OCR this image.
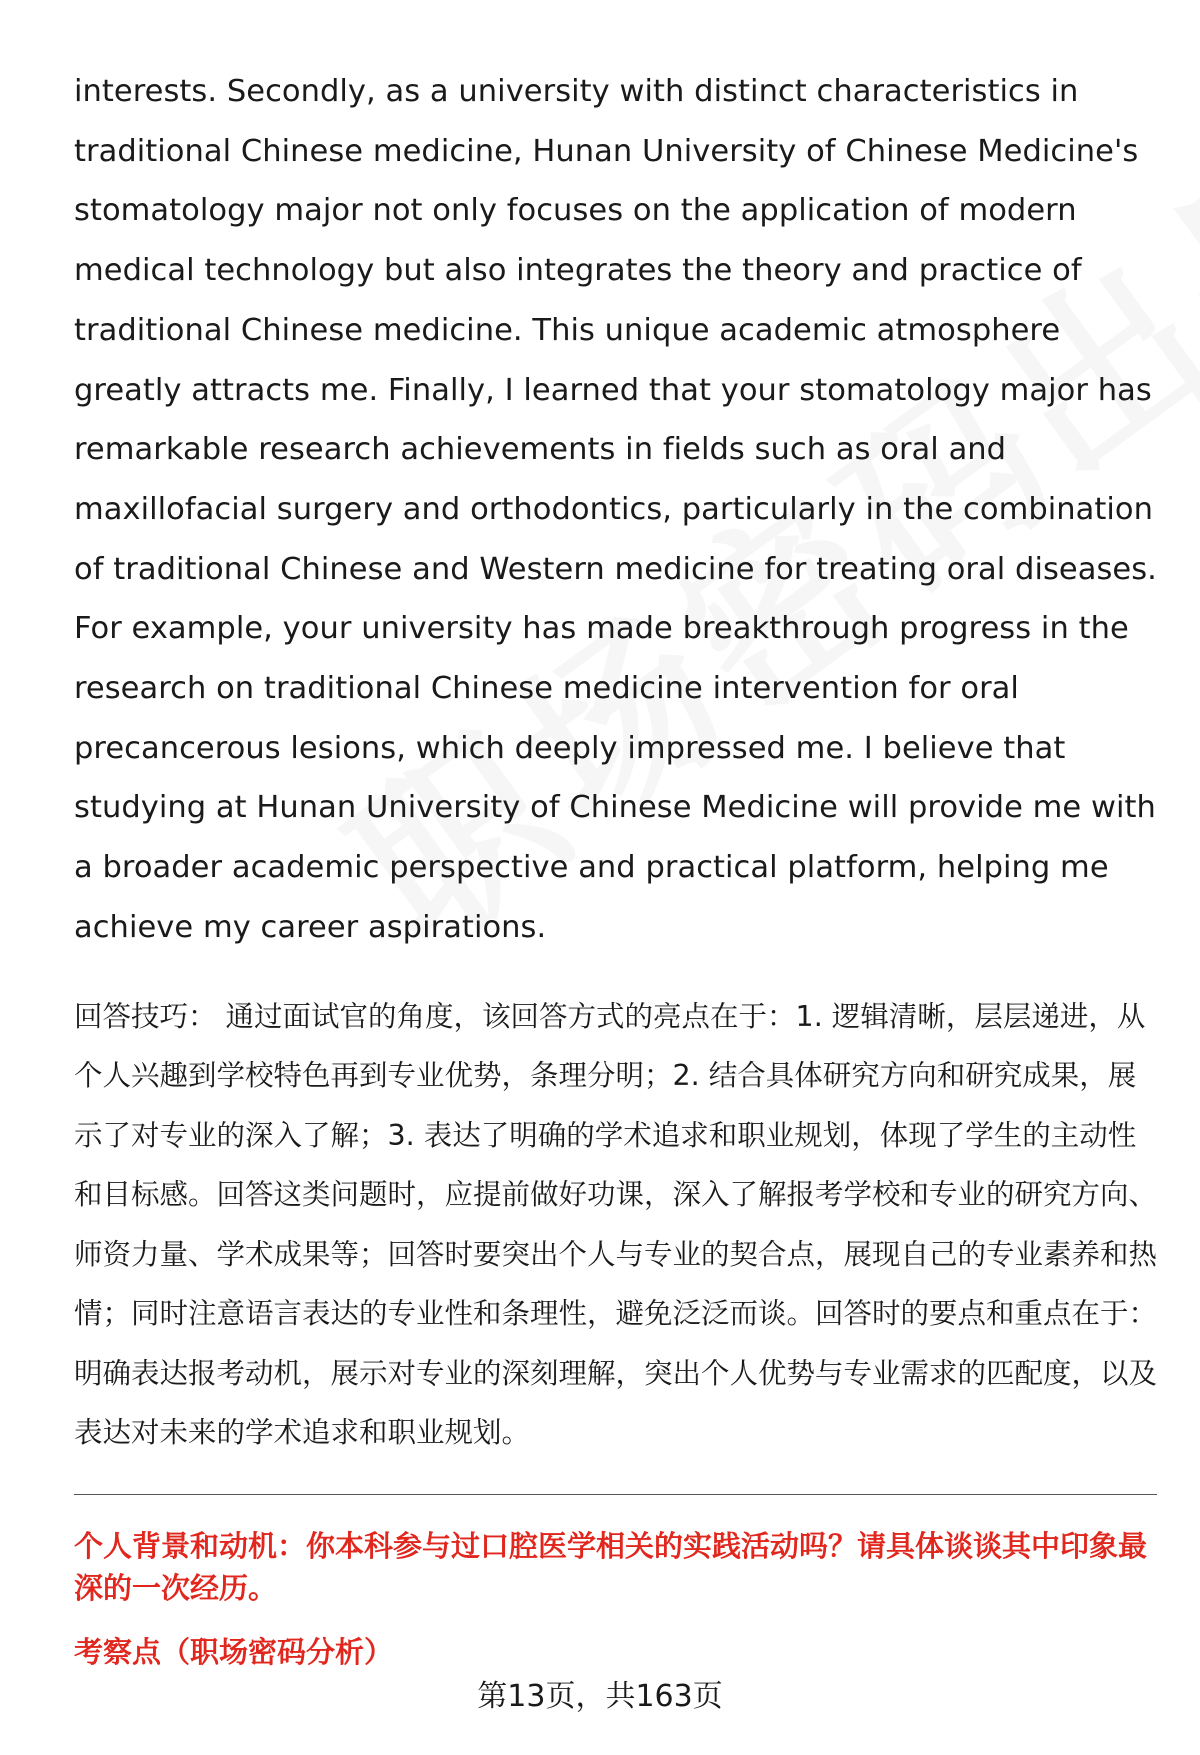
interests. Secondly, as a university with distinct characteristics in traditional Chinese medicine, Hunan University of Chinese Medicine's stomatology major not only focuses on the application of modern medical technology but also integrates the theory and practice of traditional Chinese medicine. This unique academic atmosphere greatly attracts me. Finally, I learned that your stomatology major has remarkable research achievements in fields such as oral and maxillofacial surgery and orthodontics, particularly in the combination of traditional Chinese and Western medicine for treating oral diseases. For example, your university has made breakthrough progress in the research on traditional Chinese medicine intervention for oral precancerous lesions, which deeply impressed me. I believe that studying at Hunan University of Chinese Medicine will provide me with a broader academic perspective and practical platform, helping me achieve my career aspirations.

回答技巧： 通过面试官的角度，该回答方式的亮点在于：1. 逻辑清晰，层层递进，从个人兴趣到学校特色再到专业优势，条理分明；2. 结合具体研究方向和研究成果，展示了对专业的深入了解；3. 表达了明确的学术追求和职业规划，体现了学生的主动性和目标感。回答这类问题时，应提前做好功课，深入了解报考学校和专业的研究方向、师资力量、学术成果等；回答时要突出个人与专业的契合点，展现自己的专业素养和热情；同时注意语言表达的专业性和条理性，避免泛泛而谈。回答时的要点和重点在于：明确表达报考动机，展示对专业的深刻理解，突出个人优势与专业需求的匹配度，以及表达对未来的学术追求和职业规划。

个人背景和动机：你本科参与过口腔医学相关的实践活动吗？请具体谈谈其中印象最深的一次经历。

考察点（职场密码分析）

第13页，共163页
